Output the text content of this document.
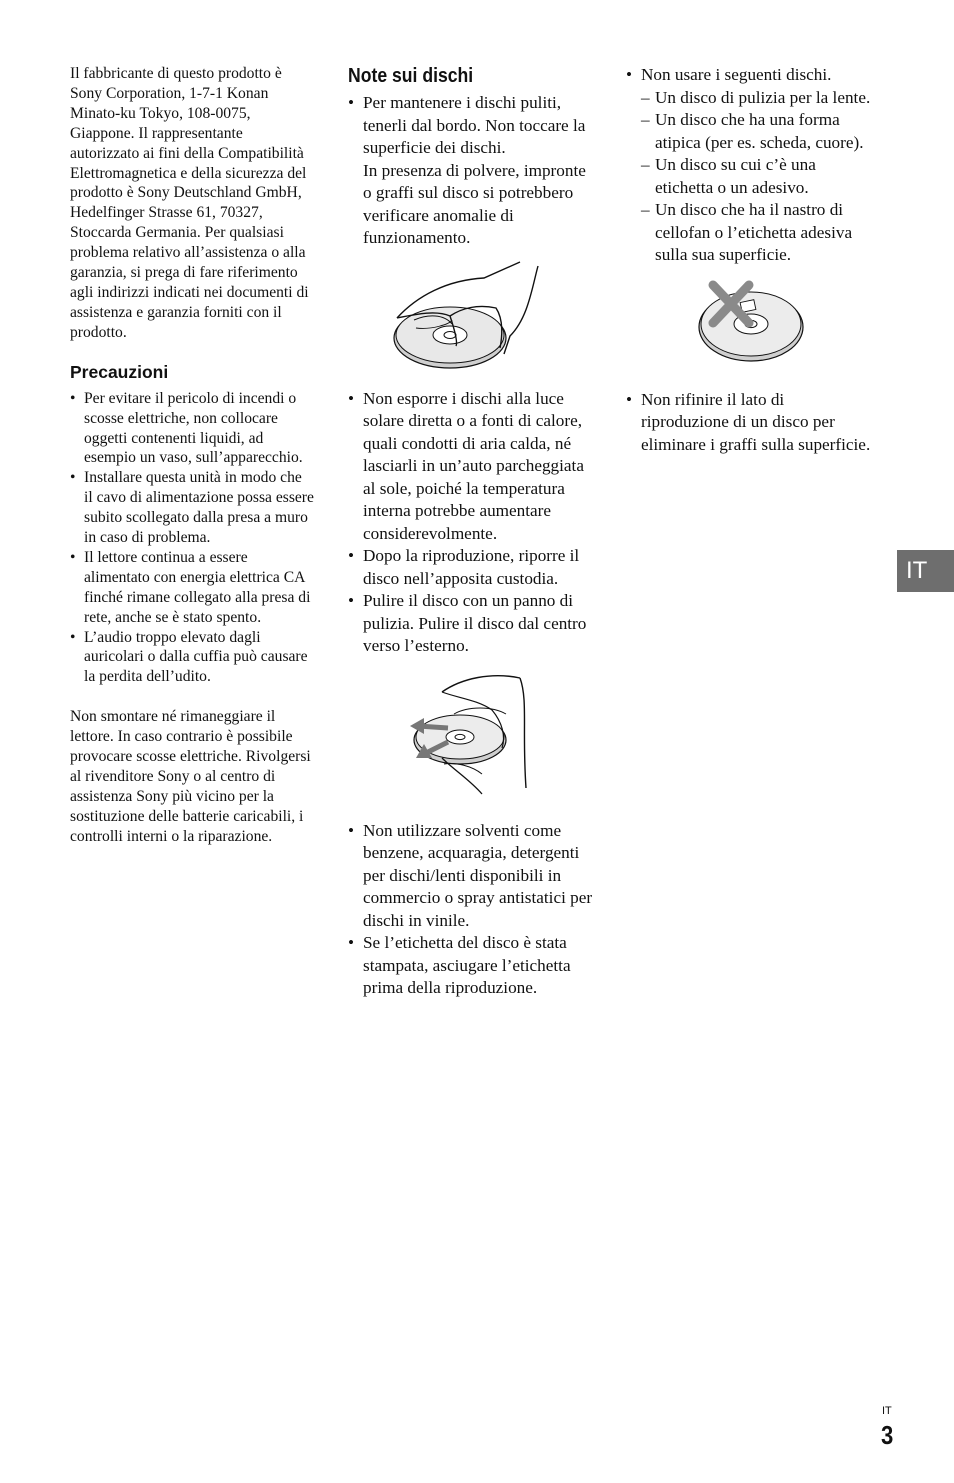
Il fabbricante di questo prodotto è Sony Corporation, 1-7-1 Konan Minato-ku Tokyo, 108-0075, Giappone. Il rappresentante autorizzato ai fini della Compatibilità Elettromagnetica e della sicurezza del prodotto è Sony Deutschland GmbH, Hedelfinger Strasse 61, 70327, Stoccarda Germania. Per qualsiasi problema relativo all’assistenza o alla garanzia, si prega di fare riferimento agli indirizzi indicati nei documenti di assistenza e garanzia forniti con il prodotto.

Precauzioni
• Per evitare il pericolo di incendi o scosse elettriche, non collocare oggetti contenenti liquidi, ad esempio un vaso, sull’apparecchio.
• Installare questa unità in modo che il cavo di alimentazione possa essere subito scollegato dalla presa a muro in caso di problema.
• Il lettore continua a essere alimentato con energia elettrica CA finché rimane collegato alla presa di rete, anche se è stato spento.
• L’audio troppo elevato dagli auricolari o dalla cuffia può causare la perdita dell’udito.

Non smontare né rimaneggiare il lettore. In caso contrario è possibile provocare scosse elettriche. Rivolgersi al rivenditore Sony o al centro di assistenza Sony più vicino per la sostituzione delle batterie caricabili, i controlli interni o la riparazione.

Note sui dischi
• Per mantenere i dischi puliti, tenerli dal bordo. Non toccare la superficie dei dischi.
In presenza di polvere, impronte o graffi sul disco si potrebbero verificare anomalie di funzionamento.
• Non esporre i dischi alla luce solare diretta o a fonti di calore, quali condotti di aria calda, né lasciarli in un’auto parcheggiata al sole, poiché la temperatura interna potrebbe aumentare considerevolmente.
• Dopo la riproduzione, riporre il disco nell’apposita custodia.
• Pulire il disco con un panno di pulizia. Pulire il disco dal centro verso l’esterno.
• Non utilizzare solventi come benzene, acquaragia, detergenti per dischi/lenti disponibili in commercio o spray antistatici per dischi in vinile.
• Se l’etichetta del disco è stata stampata, asciugare l’etichetta prima della riproduzione.
• Non usare i seguenti dischi.
– Un disco di pulizia per la lente.
– Un disco che ha una forma atipica (per es. scheda, cuore).
– Un disco su cui c’è una etichetta o un adesivo.
– Un disco che ha il nastro di cellofan o l’etichetta adesiva sulla sua superficie.
• Non rifinire il lato di riproduzione di un disco per eliminare i graffi sulla superficie.
IT
IT
3
